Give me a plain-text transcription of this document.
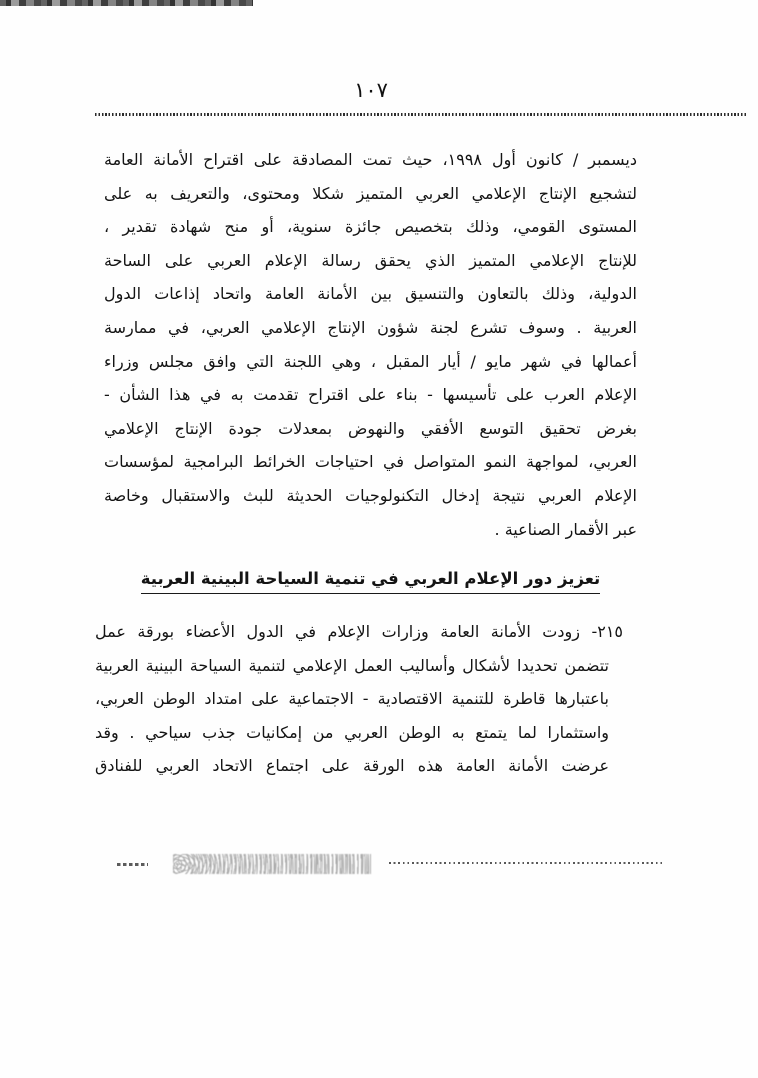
١٠٧
ديسمبر / كانون أول ١٩٩٨، حيث تمت المصادقة على اقتراح الأمانة العامة
لتشجيع الإنتاج الإعلامي العربي المتميز شكلا ومحتوى، والتعريف به على
المستوى القومي، وذلك بتخصيص جائزة سنوية، أو منح شهادة تقدير ،
للإنتاج الإعلامي المتميز الذي يحقق رسالة الإعلام العربي على الساحة
الدولية، وذلك بالتعاون والتنسيق بين الأمانة العامة واتحاد إذاعات الدول
العربية . وسوف تشرع لجنة شؤون الإنتاج الإعلامي العربي، في ممارسة
أعمالها في شهر مايو / أيار المقبل ، وهي اللجنة التي وافق مجلس وزراء
الإعلام العرب على تأسيسها - بناء على اقتراح تقدمت به في هذا الشأن -
بغرض تحقيق التوسع الأفقي والنهوض بمعدلات جودة الإنتاج الإعلامي
العربي، لمواجهة النمو المتواصل في احتياجات الخرائط البرامجية لمؤسسات
الإعلام العربي نتيجة إدخال التكنولوجيات الحديثة للبث والاستقبال وخاصة
عبر الأقمار الصناعية .
تعزيز دور الإعلام العربي في تنمية السياحة البينية العربية
٢١٥- زودت الأمانة العامة وزارات الإعلام في الدول الأعضاء بورقة عمل
تتضمن تحديدا لأشكال وأساليب العمل الإعلامي لتنمية السياحة البينية العربية
باعتبارها قاطرة للتنمية الاقتصادية - الاجتماعية على امتداد الوطن العربي،
واستثمارا لما يتمتع به الوطن العربي من إمكانيات جذب سياحي . وقد
عرضت الأمانة العامة هذه الورقة على اجتماع الاتحاد العربي للفنادق
